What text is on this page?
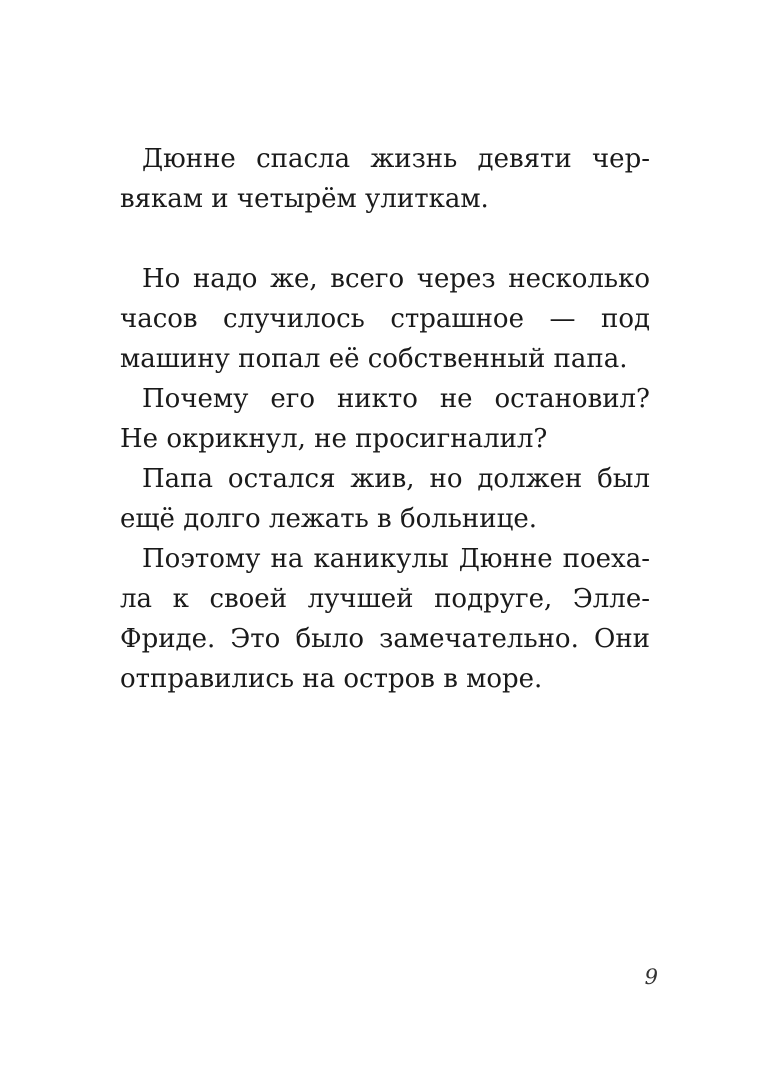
Дюнне спасла жизнь девяти чер-
вякам и четырём улиткам.
Но надо же, всего через несколько
часов случилось страшное — под
машину попал её собственный папа.
Почему его никто не остановил?
Не окрикнул, не просигналил?
Папа остался жив, но должен был
ещё долго лежать в больнице.
Поэтому на каникулы Дюнне поеха-
ла к своей лучшей подруге, Элле-
Фриде. Это было замечательно. Они
отправились на остров в море.
9
